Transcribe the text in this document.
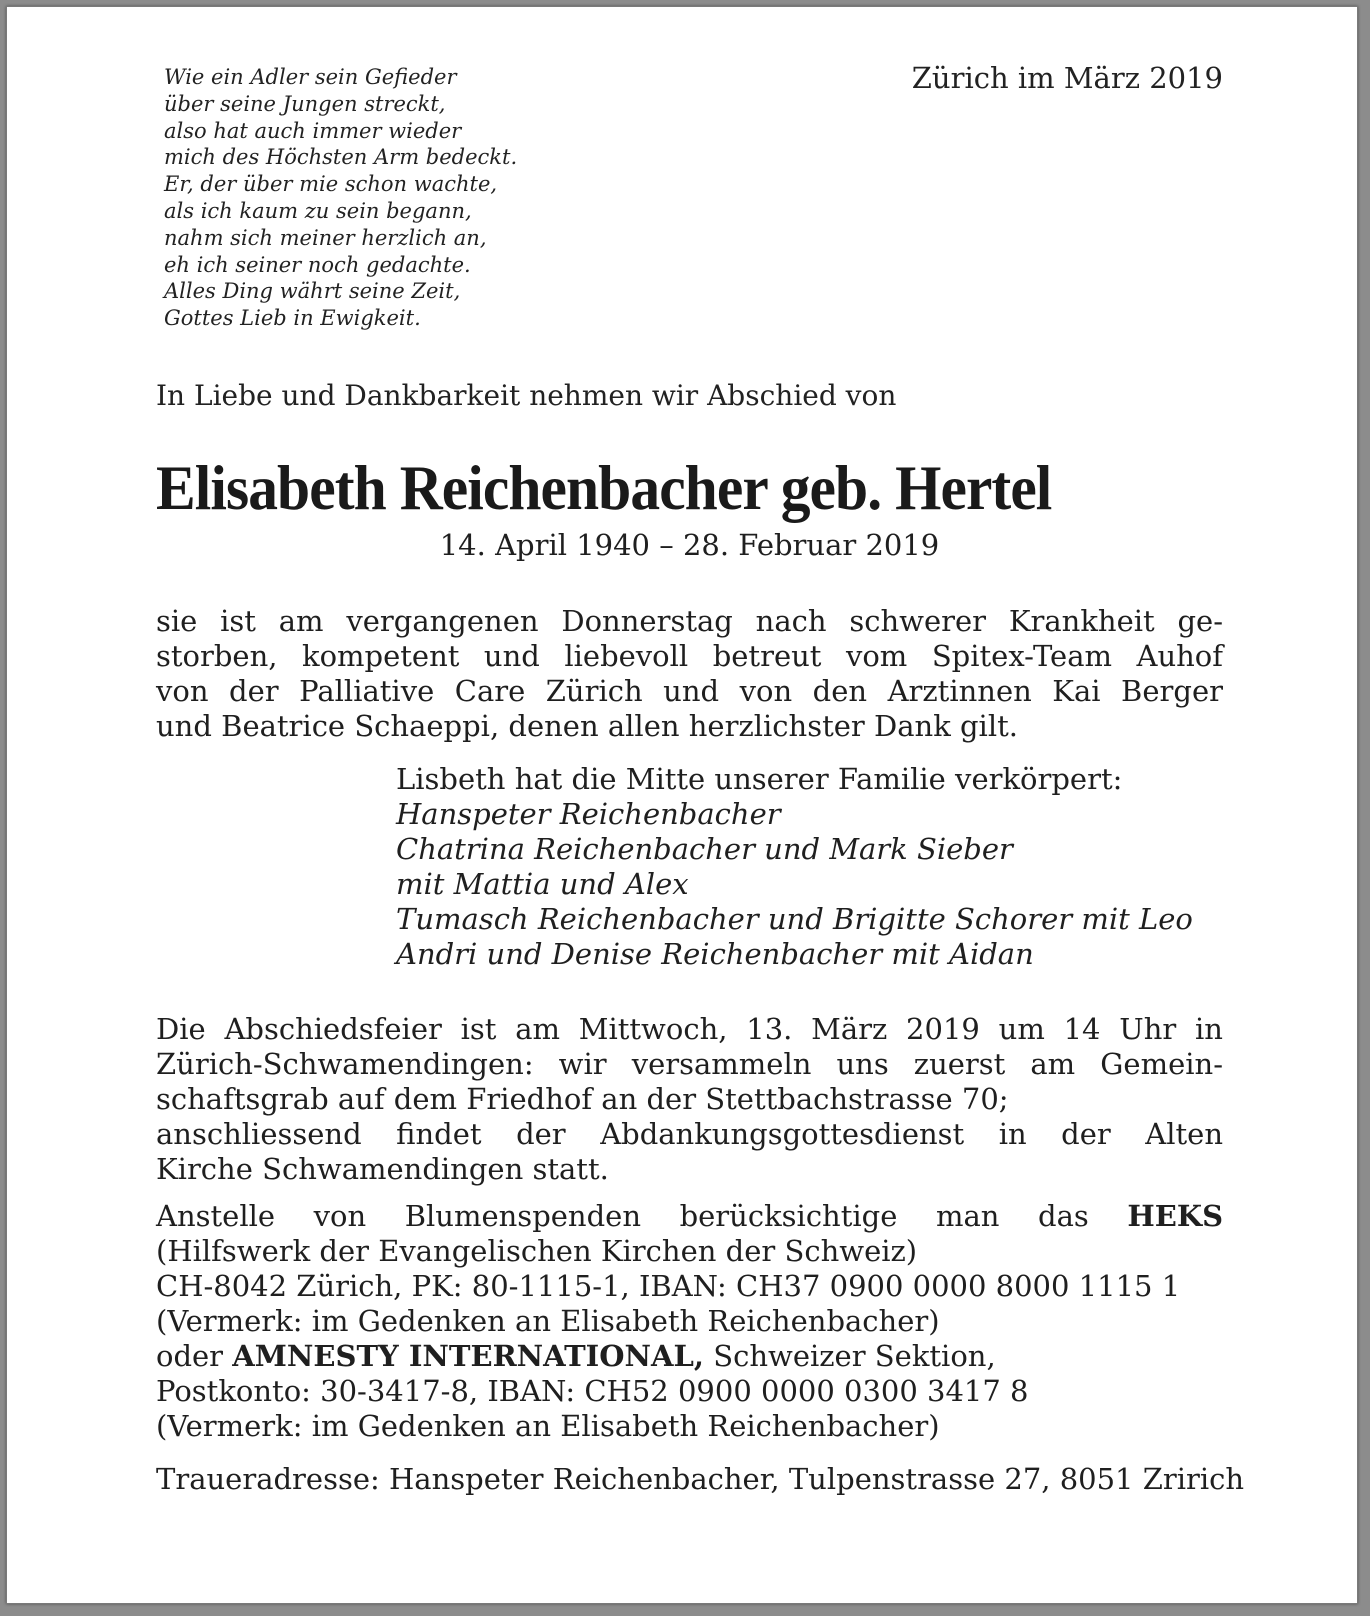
Wie ein Adler sein Gefieder
über seine Jungen streckt,
also hat auch immer wieder
mich des Höchsten Arm bedeckt.
Er, der über mie schon wachte,
als ich kaum zu sein begann,
nahm sich meiner herzlich an,
eh ich seiner noch gedachte.
Alles Ding währt seine Zeit,
Gottes Lieb in Ewigkeit.
Zürich im März 2019
In Liebe und Dankbarkeit nehmen wir Abschied von
Elisabeth Reichenbacher geb. Hertel
14. April 1940 – 28. Februar 2019
sie ist am vergangenen Donnerstag nach schwerer Krankheit ge-
storben, kompetent und liebevoll betreut vom Spitex-Team Auhof
von der Palliative Care Zürich und von den Arztinnen Kai Berger
und Beatrice Schaeppi, denen allen herzlichster Dank gilt.
Lisbeth hat die Mitte unserer Familie verkörpert:
Hanspeter Reichenbacher
Chatrina Reichenbacher und Mark Sieber
mit Mattia und Alex
Tumasch Reichenbacher und Brigitte Schorer mit Leo
Andri und Denise Reichenbacher mit Aidan
Die Abschiedsfeier ist am Mittwoch, 13. März 2019 um 14 Uhr in
Zürich-Schwamendingen: wir versammeln uns zuerst am Gemein-
schaftsgrab auf dem Friedhof an der Stettbachstrasse 70;
anschliessend findet der Abdankungsgottesdienst in der Alten
Kirche Schwamendingen statt.
Anstelle von Blumenspenden berücksichtige man das HEKS
(Hilfswerk der Evangelischen Kirchen der Schweiz)
CH-8042 Zürich, PK: 80-1115-1, IBAN: CH37 0900 0000 8000 1115 1
(Vermerk: im Gedenken an Elisabeth Reichenbacher)
oder AMNESTY INTERNATIONAL, Schweizer Sektion,
Postkonto: 30-3417-8, IBAN: CH52 0900 0000 0300 3417 8
(Vermerk: im Gedenken an Elisabeth Reichenbacher)
Traueradresse: Hanspeter Reichenbacher, Tulpenstrasse 27, 8051 Zririch
